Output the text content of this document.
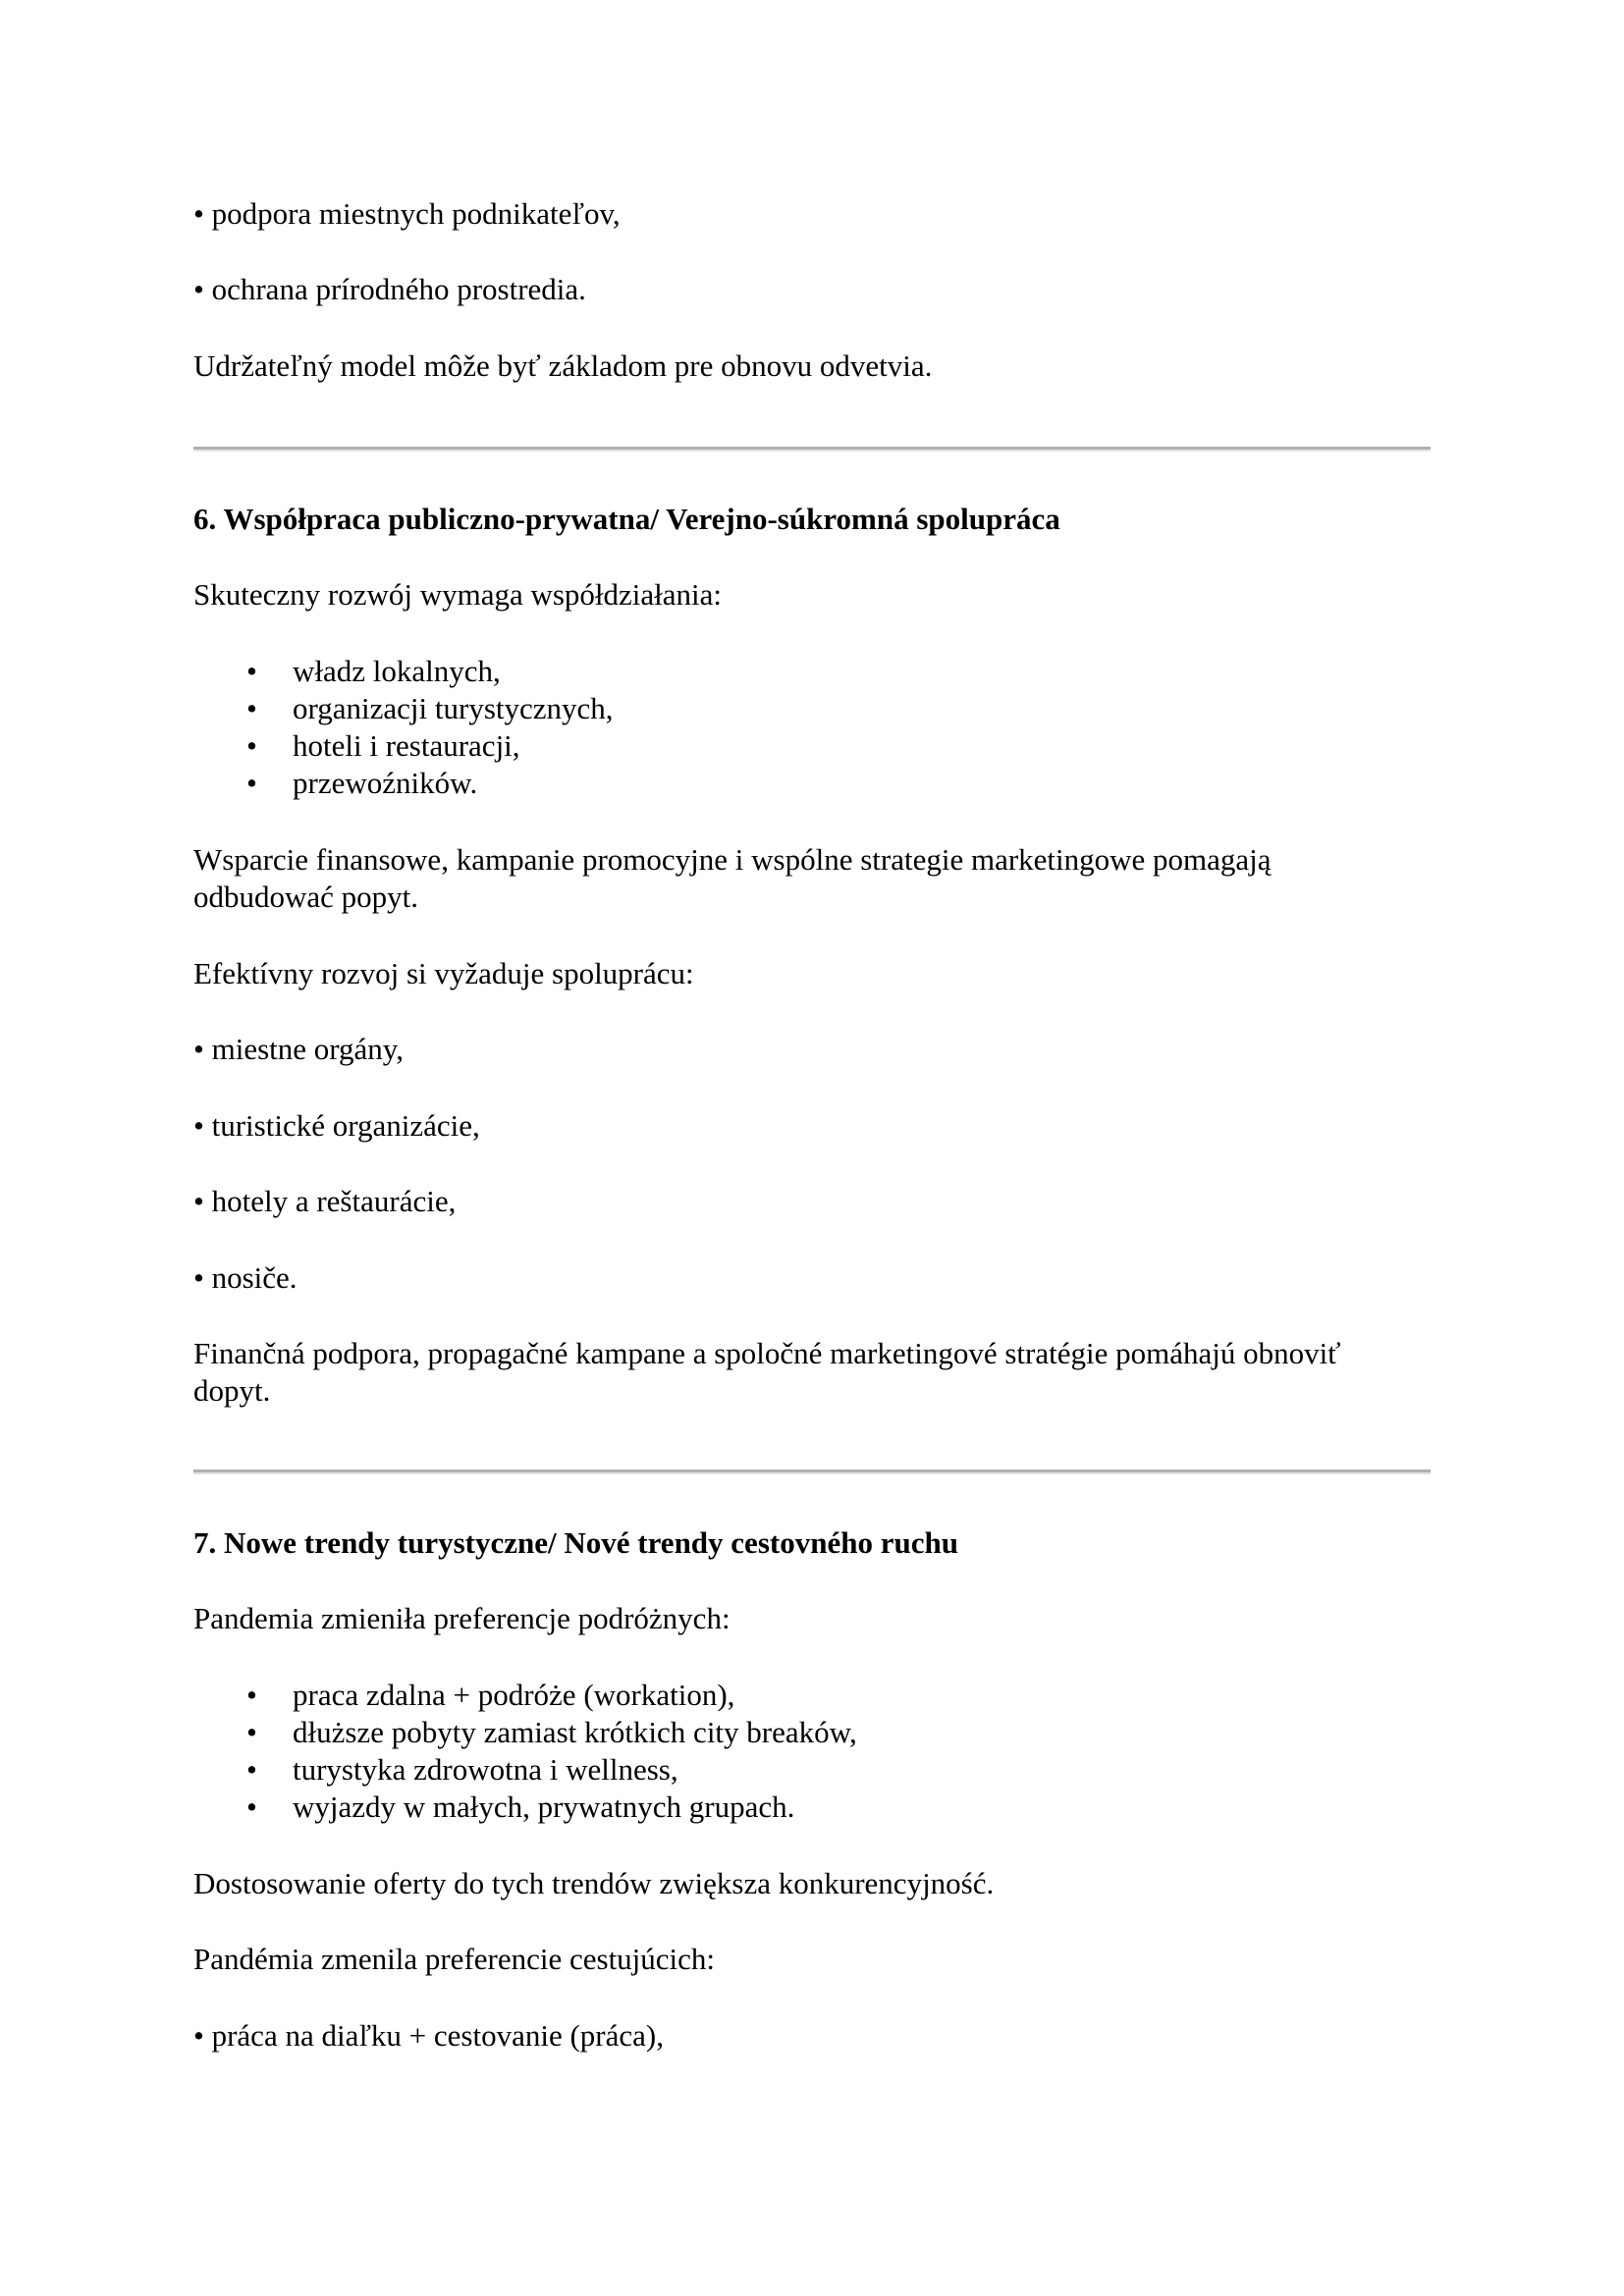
• podpora miestnych podnikateľov,
• ochrana prírodného prostredia.
Udržateľný model môže byť základom pre obnovu odvetvia.
6. Współpraca publiczno-prywatna/ Verejno-súkromná spolupráca
Skuteczny rozwój wymaga współdziałania:
• władz lokalnych,
• organizacji turystycznych,
• hoteli i restauracji,
• przewoźników.
Wsparcie finansowe, kampanie promocyjne i wspólne strategie marketingowe pomagają
odbudować popyt.
Efektívny rozvoj si vyžaduje spoluprácu:
• miestne orgány,
• turistické organizácie,
• hotely a reštaurácie,
• nosiče.
Finančná podpora, propagačné kampane a spoločné marketingové stratégie pomáhajú obnoviť
dopyt.
7. Nowe trendy turystyczne/ Nové trendy cestovného ruchu
Pandemia zmieniła preferencje podróżnych:
• praca zdalna + podróże (workation),
• dłuższe pobyty zamiast krótkich city breaków,
• turystyka zdrowotna i wellness,
• wyjazdy w małych, prywatnych grupach.
Dostosowanie oferty do tych trendów zwiększa konkurencyjność.
Pandémia zmenila preferencie cestujúcich:
• práca na diaľku + cestovanie (práca),
